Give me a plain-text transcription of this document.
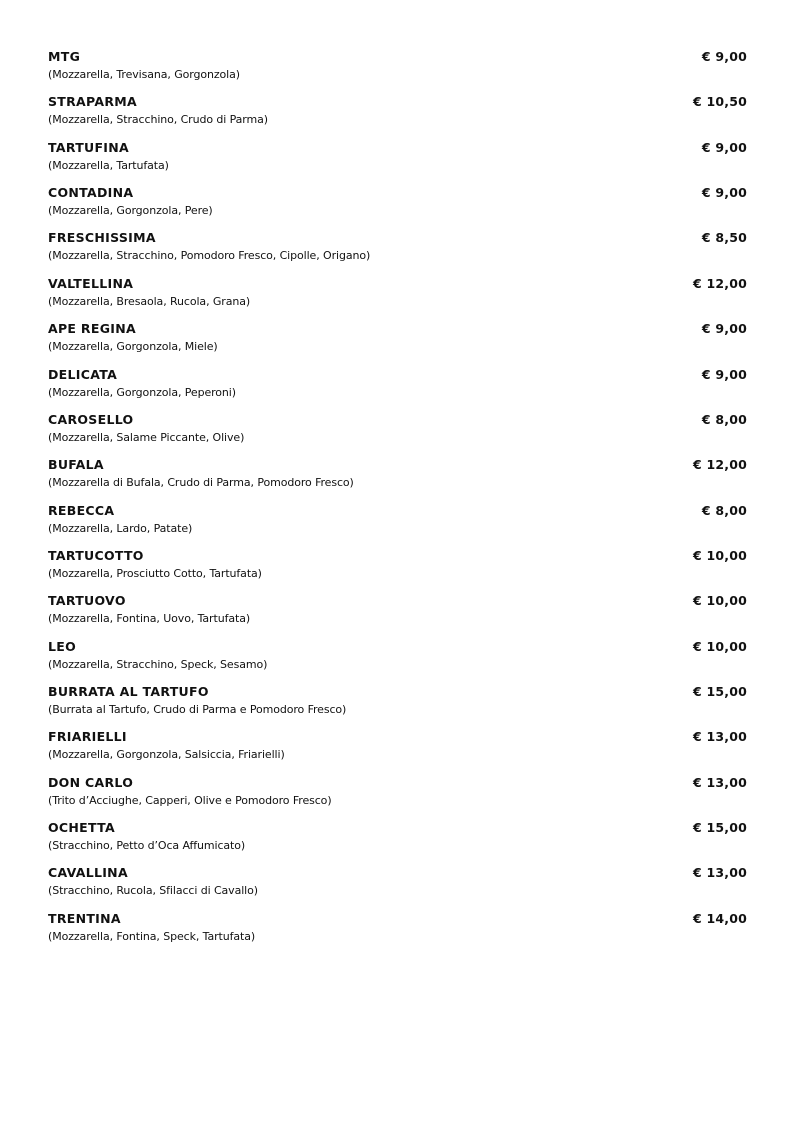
MTG
(Mozzarella, Trevisana, Gorgonzola)
€ 9,00
STRAPARMA
(Mozzarella, Stracchino, Crudo di Parma)
€ 10,50
TARTUFINA
(Mozzarella, Tartufata)
€ 9,00
CONTADINA
(Mozzarella, Gorgonzola, Pere)
€ 9,00
FRESCHISSIMA
(Mozzarella, Stracchino, Pomodoro Fresco, Cipolle, Origano)
€ 8,50
VALTELLINA
(Mozzarella, Bresaola, Rucola, Grana)
€ 12,00
APE REGINA
(Mozzarella, Gorgonzola, Miele)
€ 9,00
DELICATA
(Mozzarella, Gorgonzola, Peperoni)
€ 9,00
CAROSELLO
(Mozzarella, Salame Piccante, Olive)
€ 8,00
BUFALA
(Mozzarella di Bufala, Crudo di Parma, Pomodoro Fresco)
€ 12,00
REBECCA
(Mozzarella, Lardo, Patate)
€ 8,00
TARTUCOTTO
(Mozzarella, Prosciutto Cotto, Tartufata)
€ 10,00
TARTUOVO
(Mozzarella, Fontina, Uovo, Tartufata)
€ 10,00
LEO
(Mozzarella, Stracchino, Speck, Sesamo)
€ 10,00
BURRATA AL TARTUFO
(Burrata al Tartufo, Crudo di Parma e Pomodoro Fresco)
€ 15,00
FRIARIELLI
(Mozzarella, Gorgonzola, Salsiccia, Friarielli)
€ 13,00
DON CARLO
(Trito d’Acciughe, Capperi, Olive e Pomodoro Fresco)
€ 13,00
OCHETTA
(Stracchino, Petto d’Oca Affumicato)
€ 15,00
CAVALLINA
(Stracchino, Rucola, Sfilacci di Cavallo)
€ 13,00
TRENTINA
(Mozzarella, Fontina, Speck, Tartufata)
€ 14,00
